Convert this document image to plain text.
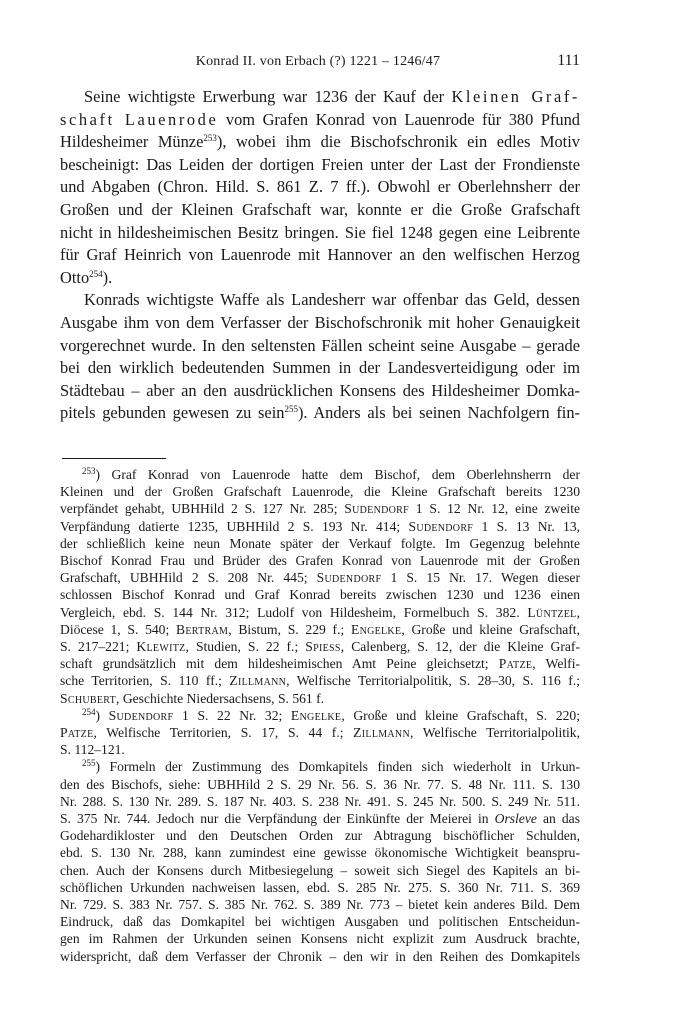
Konrad II. von Erbach (?) 1221 – 1246/47	111
Seine wichtigste Erwerbung war 1236 der Kauf der Kleinen Graf-
schaft Lauenrode vom Grafen Konrad von Lauenrode für 380 Pfund
Hildesheimer Münze$^{253}$), wobei ihm die Bischofschronik ein edles Motiv
bescheinigt: Das Leiden der dortigen Freien unter der Last der Frondienste
und Abgaben (Chron. Hild. S. 861 Z. 7 ff.). Obwohl er Oberlehnsherr der
Großen und der Kleinen Grafschaft war, konnte er die Große Grafschaft
nicht in hildesheimischen Besitz bringen. Sie fiel 1248 gegen eine Leibrente
für Graf Heinrich von Lauenrode mit Hannover an den welfischen Herzog
Otto$^{254}$).
Konrads wichtigste Waffe als Landesherr war offenbar das Geld, dessen
Ausgabe ihm von dem Verfasser der Bischofschronik mit hoher Genauigkeit
vorgerechnet wurde. In den seltensten Fällen scheint seine Ausgabe – gerade
bei den wirklich bedeutenden Summen in der Landesverteidigung oder im
Städtebau – aber an den ausdrücklichen Konsens des Hildesheimer Domka-
pitels gebunden gewesen zu sein$^{255}$). Anders als bei seinen Nachfolgern fin-
$^{253}$) Graf Konrad von Lauenrode hatte dem Bischof, dem Oberlehnsherrn der
Kleinen und der Großen Grafschaft Lauenrode, die Kleine Grafschaft bereits 1230
verpfändet gehabt, UBHHild 2 S. 127 Nr. 285; Sudendorf 1 S. 12 Nr. 12, eine zweite
Verpfändung datierte 1235, UBHHild 2 S. 193 Nr. 414; Sudendorf 1 S. 13 Nr. 13,
der schließlich keine neun Monate später der Verkauf folgte. Im Gegenzug belehnte
Bischof Konrad Frau und Brüder des Grafen Konrad von Lauenrode mit der Großen
Grafschaft, UBHHild 2 S. 208 Nr. 445; Sudendorf 1 S. 15 Nr. 17. Wegen dieser
schlossen Bischof Konrad und Graf Konrad bereits zwischen 1230 und 1236 einen
Vergleich, ebd. S. 144 Nr. 312; Ludolf von Hildesheim, Formelbuch S. 382. Lüntzel,
Diöcese 1, S. 540; Bertram, Bistum, S. 229 f.; Engelke, Große und kleine Grafschaft,
S. 217–221; Klewitz, Studien, S. 22 f.; Spiess, Calenberg, S. 12, der die Kleine Graf-
schaft grundsätzlich mit dem hildesheimischen Amt Peine gleichsetzt; Patze, Welfi-
sche Territorien, S. 110 ff.; Zillmann, Welfische Territorialpolitik, S. 28–30, S. 116 f.;
Schubert, Geschichte Niedersachsens, S. 561 f.
$^{254}$) Sudendorf 1 S. 22 Nr. 32; Engelke, Große und kleine Grafschaft, S. 220;
Patze, Welfische Territorien, S. 17, S. 44 f.; Zillmann, Welfische Territorialpolitik,
S. 112–121.
$^{255}$) Formeln der Zustimmung des Domkapitels finden sich wiederholt in Urkun-
den des Bischofs, siehe: UBHHild 2 S. 29 Nr. 56. S. 36 Nr. 77. S. 48 Nr. 111. S. 130
Nr. 288. S. 130 Nr. 289. S. 187 Nr. 403. S. 238 Nr. 491. S. 245 Nr. 500. S. 249 Nr. 511.
S. 375 Nr. 744. Jedoch nur die Verpfändung der Einkünfte der Meierei in Orsleve an das
Godehardikloster und den Deutschen Orden zur Abtragung bischöflicher Schulden,
ebd. S. 130 Nr. 288, kann zumindest eine gewisse ökonomische Wichtigkeit beanspru-
chen. Auch der Konsens durch Mitbesiegelung – soweit sich Siegel des Kapitels an bi-
schöflichen Urkunden nachweisen lassen, ebd. S. 285 Nr. 275. S. 360 Nr. 711. S. 369
Nr. 729. S. 383 Nr. 757. S. 385 Nr. 762. S. 389 Nr. 773 – bietet kein anderes Bild. Dem
Eindruck, daß das Domkapitel bei wichtigen Ausgaben und politischen Entscheidun-
gen im Rahmen der Urkunden seinen Konsens nicht explizit zum Ausdruck brachte,
widerspricht, daß dem Verfasser der Chronik – den wir in den Reihen des Domkapitels
